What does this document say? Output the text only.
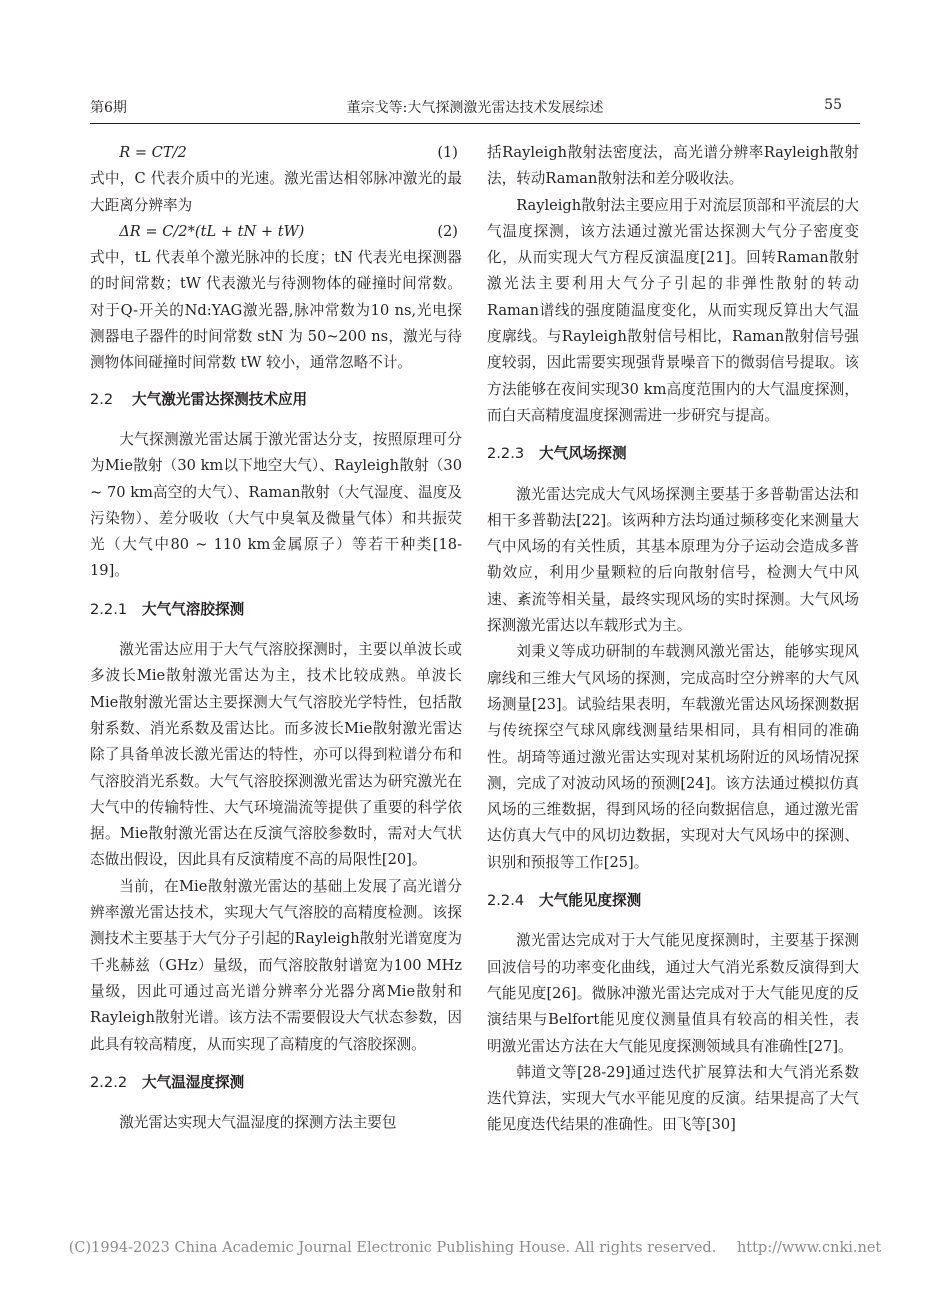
第6期	董宗戈等:大气探测激光雷达技术发展综述	55
R = CT/2	(1)

式中，C 代表介质中的光速。激光雷达相邻脉冲激光的最大距离分辨率为

ΔR = C/2*(tL + tN + tW)	(2)

式中，tL 代表单个激光脉冲的长度；tN 代表光电探测器的时间常数；tW 代表激光与待测物体的碰撞时间常数。对于Q-开关的Nd:YAG激光器,脉冲常数为10 ns,光电探测器电子器件的时间常数 stN 为 50~200 ns，激光与待测物体间碰撞时间常数 tW 较小，通常忽略不计。

2.2 大气激光雷达探测技术应用

大气探测激光雷达属于激光雷达分支，按照原理可分为Mie散射（30 km以下地空大气）、Rayleigh散射（30 ~ 70 km高空的大气）、Raman散射（大气湿度、温度及污染物）、差分吸收（大气中臭氧及微量气体）和共振荧光（大气中80 ~ 110 km金属原子）等若干种类[18-19]。

2.2.1 大气气溶胶探测

激光雷达应用于大气气溶胶探测时，主要以单波长或多波长Mie散射激光雷达为主，技术比较成熟。单波长Mie散射激光雷达主要探测大气气溶胶光学特性，包括散射系数、消光系数及雷达比。而多波长Mie散射激光雷达除了具备单波长激光雷达的特性，亦可以得到粒谱分布和气溶胶消光系数。大气气溶胶探测激光雷达为研究激光在大气中的传输特性、大气环境湍流等提供了重要的科学依据。Mie散射激光雷达在反演气溶胶参数时，需对大气状态做出假设，因此具有反演精度不高的局限性[20]。

当前，在Mie散射激光雷达的基础上发展了高光谱分辨率激光雷达技术，实现大气气溶胶的高精度检测。该探测技术主要基于大气分子引起的Rayleigh散射光谱宽度为千兆赫兹（GHz）量级，而气溶胶散射谱宽为100 MHz量级，因此可通过高光谱分辨率分光器分离Mie散射和Rayleigh散射光谱。该方法不需要假设大气状态参数，因此具有较高精度，从而实现了高精度的气溶胶探测。

2.2.2 大气温湿度探测

激光雷达实现大气温湿度的探测方法主要包

括Rayleigh散射法密度法，高光谱分辨率Rayleigh散射法，转动Raman散射法和差分吸收法。

Rayleigh散射法主要应用于对流层顶部和平流层的大气温度探测，该方法通过激光雷达探测大气分子密度变化，从而实现大气方程反演温度[21]。回转Raman散射激光法主要利用大气分子引起的非弹性散射的转动Raman谱线的强度随温度变化，从而实现反算出大气温度廓线。与Rayleigh散射信号相比，Raman散射信号强度较弱，因此需要实现强背景噪音下的微弱信号提取。该方法能够在夜间实现30 km高度范围内的大气温度探测，而白天高精度温度探测需进一步研究与提高。

2.2.3 大气风场探测

激光雷达完成大气风场探测主要基于多普勒雷达法和相干多普勒法[22]。该两种方法均通过频移变化来测量大气中风场的有关性质，其基本原理为分子运动会造成多普勒效应，利用少量颗粒的后向散射信号，检测大气中风速、紊流等相关量，最终实现风场的实时探测。大气风场探测激光雷达以车载形式为主。

刘秉义等成功研制的车载测风激光雷达，能够实现风廓线和三维大气风场的探测，完成高时空分辨率的大气风场测量[23]。试验结果表明，车载激光雷达风场探测数据与传统探空气球风廓线测量结果相同，具有相同的准确性。胡琦等通过激光雷达实现对某机场附近的风场情况探测，完成了对波动风场的预测[24]。该方法通过模拟仿真风场的三维数据，得到风场的径向数据信息，通过激光雷达仿真大气中的风切边数据，实现对大气风场中的探测、识别和预报等工作[25]。

2.2.4 大气能见度探测

激光雷达完成对于大气能见度探测时，主要基于探测回波信号的功率变化曲线，通过大气消光系数反演得到大气能见度[26]。微脉冲激光雷达完成对于大气能见度的反演结果与Belfort能见度仪测量值具有较高的相关性，表明激光雷达方法在大气能见度探测领域具有准确性[27]。

韩道文等[28-29]通过迭代扩展算法和大气消光系数迭代算法，实现大气水平能见度的反演。结果提高了大气能见度迭代结果的准确性。田飞等[30]

(C)1994-2023 China Academic Journal Electronic Publishing House. All rights reserved. http://www.cnki.net
